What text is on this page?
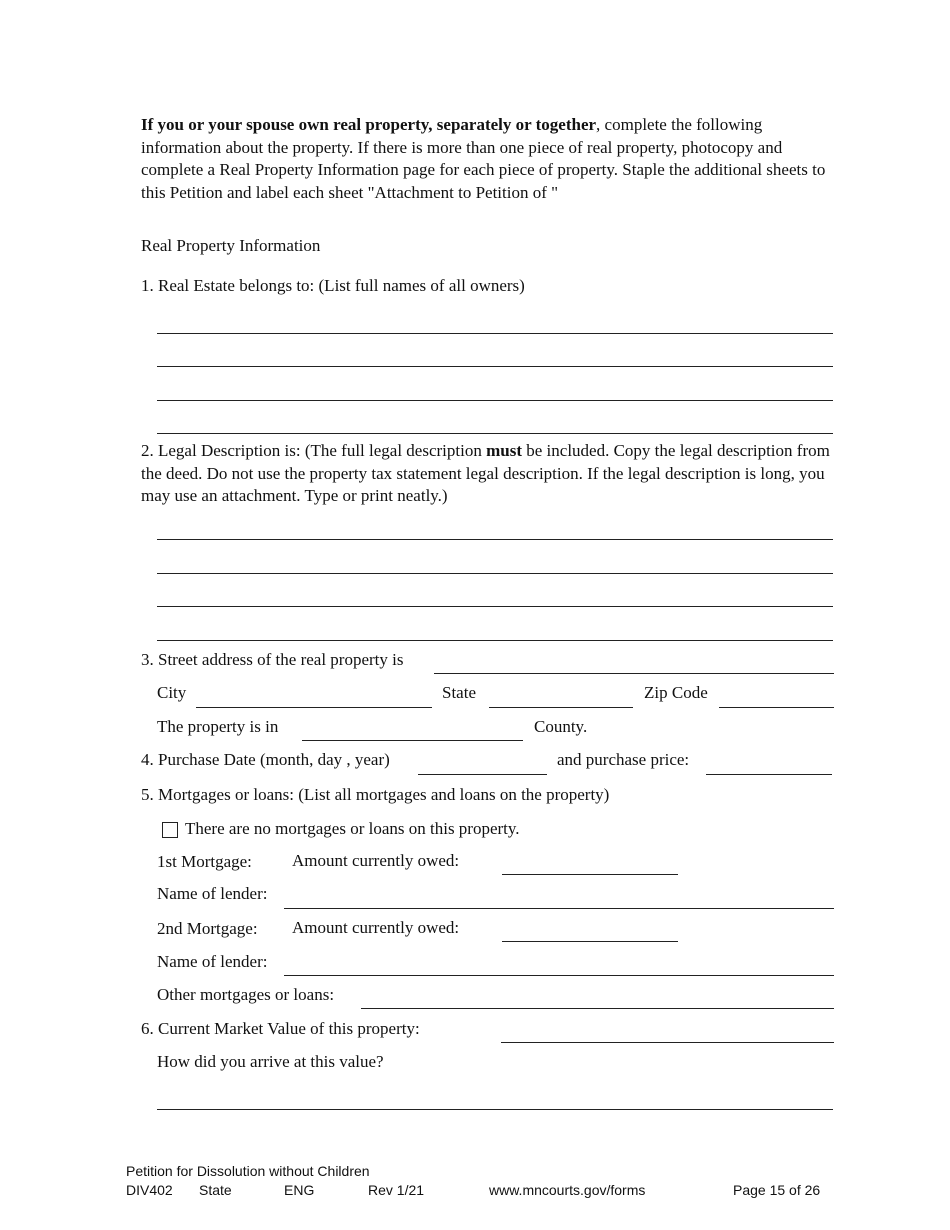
If you or your spouse own real property, separately or together, complete the following information about the property. If there is more than one piece of real property, photocopy and complete a Real Property Information page for each piece of property. Staple the additional sheets to this Petition and label each sheet "Attachment to Petition of "
Real Property Information
1. Real Estate belongs to: (List full names of all owners)
2. Legal Description is: (The full legal description must be included. Copy the legal description from the deed. Do not use the property tax statement legal description. If the legal description is long, you may use an attachment. Type or print neatly.)
3. Street address of the real property is
City	State	Zip Code
The property is in	County.
4. Purchase Date (month, day , year)	and purchase price:
5. Mortgages or loans: (List all mortgages and loans on the property)
There are no mortgages or loans on this property.
1st Mortgage: Amount currently owed:
Name of lender:
2nd Mortgage: Amount currently owed:
Name of lender:
Other mortgages or loans:
6. Current Market Value of this property:
How did you arrive at this value?
Petition for Dissolution without Children
DIV402 State	ENG	Rev 1/21	www.mncourts.gov/forms	Page 15 of 26
